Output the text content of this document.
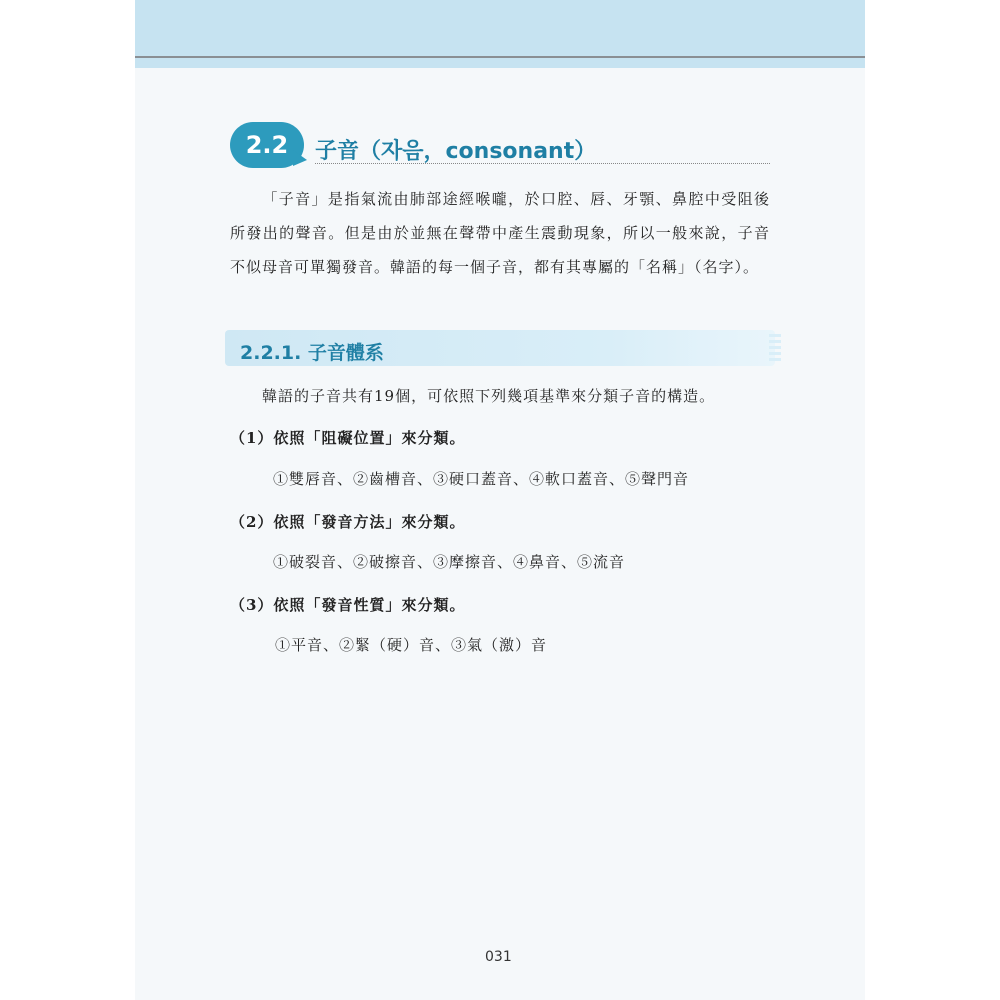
2.2	子音（자음，consonant）
「子音」是指氣流由肺部途經喉嚨，於口腔、唇、牙顎、鼻腔中受阻後所發出的聲音。但是由於並無在聲帶中產生震動現象，所以一般來說，子音不似母音可單獨發音。韓語的每一個子音，都有其專屬的「名稱」（名字）。
2.2.1. 子音體系
韓語的子音共有19個，可依照下列幾項基準來分類子音的構造。
（1）依照「阻礙位置」來分類。
①雙唇音、②齒槽音、③硬口蓋音、④軟口蓋音、⑤聲門音
（2）依照「發音方法」來分類。
①破裂音、②破擦音、③摩擦音、④鼻音、⑤流音
（3）依照「發音性質」來分類。
①平音、②緊（硬）音、③氣（激）音
031
